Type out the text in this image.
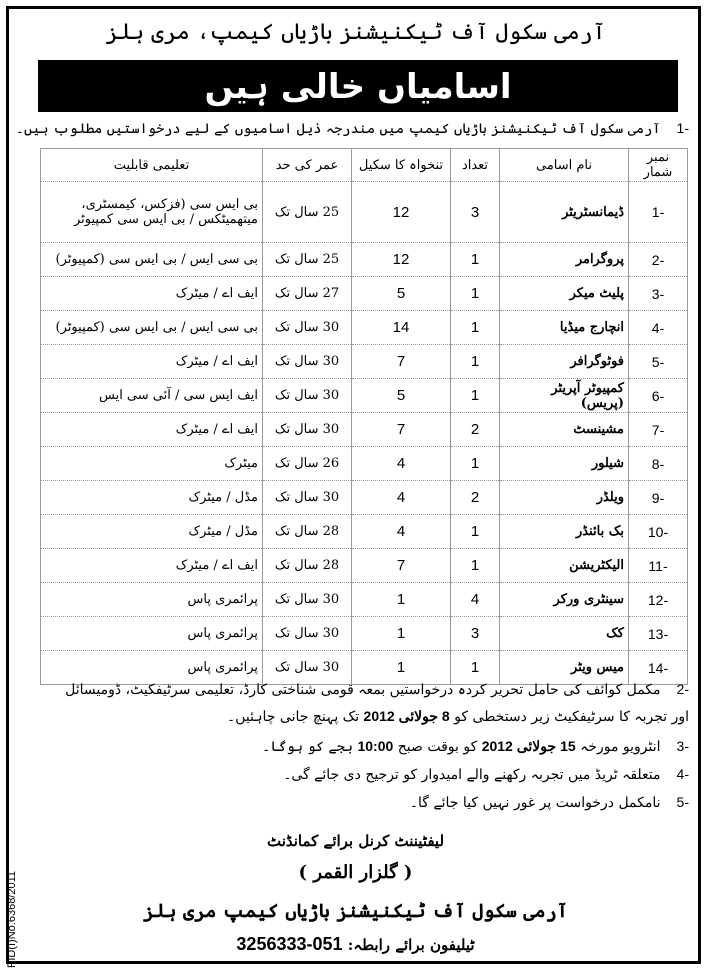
آرمی سکول آف ٹیکنیشنز باڑیاں کیمپ، مری ہلز
اسامیاں خالی ہیں
-1آرمی سکول آف ٹیکنیشنز باڑیاں کیمپ میں مندرجہ ذیل اسامیوں کے لیے درخواستیں مطلوب ہیں۔
نمبر شمار	نام اسامی	تعداد	تنخواہ کا سکیل	عمر کی حد	تعلیمی قابلیت
-1	ڈیمانسٹریٹر	3	12	25 سال تک	بی ایس سی (فزکس، کیمسٹری، میتھمیٹکس / بی ایس سی کمپیوٹر
-2	پروگرامر	1	12	25 سال تک	بی سی ایس / بی ایس سی (کمپیوٹر)
-3	پلیٹ میکر	1	5	27 سال تک	ایف اے / میٹرک
-4	انچارج میڈیا	1	14	30 سال تک	بی سی ایس / بی ایس سی (کمپیوٹر)
-5	فوٹوگرافر	1	7	30 سال تک	ایف اے / میٹرک
-6	کمپیوٹر آپریٹر (پریس)	1	5	30 سال تک	ایف ایس سی / آئی سی ایس
-7	مشینسٹ	2	7	30 سال تک	ایف اے / میٹرک
-8	شیلور	1	4	26 سال تک	میٹرک
-9	ویلڈر	2	4	30 سال تک	مڈل / میٹرک
-10	بک بائنڈر	1	4	28 سال تک	مڈل / میٹرک
-11	الیکٹریشن	1	7	28 سال تک	ایف اے / میٹرک
-12	سینٹری ورکر	4	1	30 سال تک	پرائمری پاس
-13	کک	3	1	30 سال تک	پرائمری پاس
-14	میس ویٹر	1	1	30 سال تک	پرائمری پاس
-2مکمل کوائف کی حامل تحریر کردہ درخواستیں بمعہ قومی شناختی کارڈ، تعلیمی سرٹیفکیٹ، ڈومیسائل اور تجربہ کا سرٹیفکیٹ زیر دستخطی کو 8 جولائی 2012 تک پہنچ جانی چاہئیں۔
-3انٹرویو مورخہ 15 جولائی 2012 کو بوقت صبح 10:00 بجے کو ہوگا۔
-4متعلقہ ٹریڈ میں تجربہ رکھنے والے امیدوار کو ترجیح دی جائے گی۔
-5نامکمل درخواست پر غور نہیں کیا جائے گا۔
لیفٹیننٹ کرنل برائے کمانڈنٹ
( گلزار القمر )
آرمی سکول آف ٹیکنیشنز باڑیاں کیمپ مری ہلز
ٹیلیفون برائے رابطہ: 051-3256333
PID(I)No.6368/2011
